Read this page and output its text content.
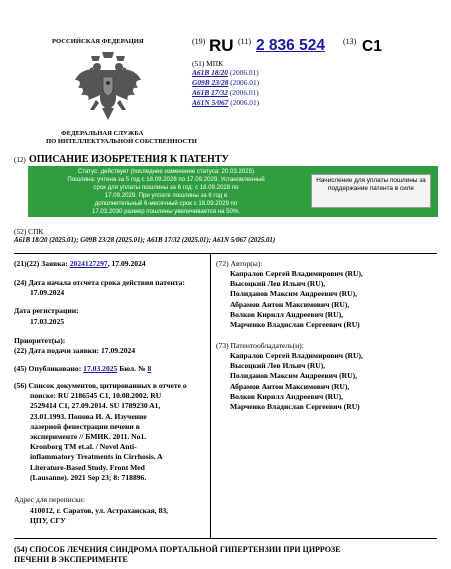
РОССИЙСКАЯ ФЕДЕРАЦИЯ
ФЕДЕРАЛЬНАЯ СЛУЖБА
ПО ИНТЕЛЛЕКТУАЛЬНОЙ СОБСТВЕННОСТИ
(19) RU (11) 2 836 524 (13) C1
(51) МПК
A61B 18/20 (2006.01)
G09B 23/28 (2006.01)
A61B 17/32 (2006.01)
A61N 5/067 (2006.01)
(12) ОПИСАНИЕ ИЗОБРЕТЕНИЯ К ПАТЕНТУ
Статус: действует (последнее изменение статуса: 20.03.2025)
Пошлина: учтена за 5 год с 18.09.2028 по 17.09.2029. Установленный
срок для уплаты пошлины за 6 год: с 18.09.2028 по
17.09.2029. При уплате пошлины за 6 год в
дополнительный 6-месячный срок с 18.09.2029 по
17.03.2030 размер пошлины увеличивается на 50%.
Начисление для уплаты пошлины за поддержание патента в силе
(52) СПК
A61B 18/20 (2025.01); G09B 23/28 (2025.01); A61B 17/32 (2025.01); A61N 5/067 (2025.01)
(21)(22) Заявка: 2024127297, 17.09.2024
(24) Дата начала отсчета срока действия патента:
17.09.2024
Дата регистрации:
17.03.2025
Приоритет(ы):
(22) Дата подачи заявки: 17.09.2024
(45) Опубликовано: 17.03.2025 Бюл. № 8
(56) Список документов, цитированных в отчете о
поиске: RU 2186545 C1, 10.08.2002. RU
2529414 C1, 27.09.2014. SU 1789230 A1,
23.01.1993. Попова И. А. Изучение
лазерной фенестрации печени в
эксперименте // БМИК. 2011. No1.
Kronborg TM et.al. / Novel Anti-
inflammatory Treatments in Cirrhosis. A
Literature-Based Study. Front Med
(Lausanne). 2021 Sep 23; 8: 718896.
Адрес для переписки:
410012, г. Саратов, ул. Астраханская, 83,
ЦПУ, СГУ
(72) Автор(ы):
Капралов Сергей Владимирович (RU),
Высоцкий Лев Ильич (RU),
Полиданов Максим Андреевич (RU),
Абрамов Антон Максимович (RU),
Волков Кирилл Андреевич (RU),
Марченко Владислав Сергеевич (RU)
(73) Патентообладатель(и):
Капралов Сергей Владимирович (RU),
Высоцкий Лев Ильич (RU),
Полиданов Максим Андреевич (RU),
Абрамов Антон Максимович (RU),
Волков Кирилл Андреевич (RU),
Марченко Владислав Сергеевич (RU)
(54) СПОСОБ ЛЕЧЕНИЯ СИНДРОМА ПОРТАЛЬНОЙ ГИПЕРТЕНЗИИ ПРИ ЦИРРОЗЕ
ПЕЧЕНИ В ЭКСПЕРИМЕНТЕ
